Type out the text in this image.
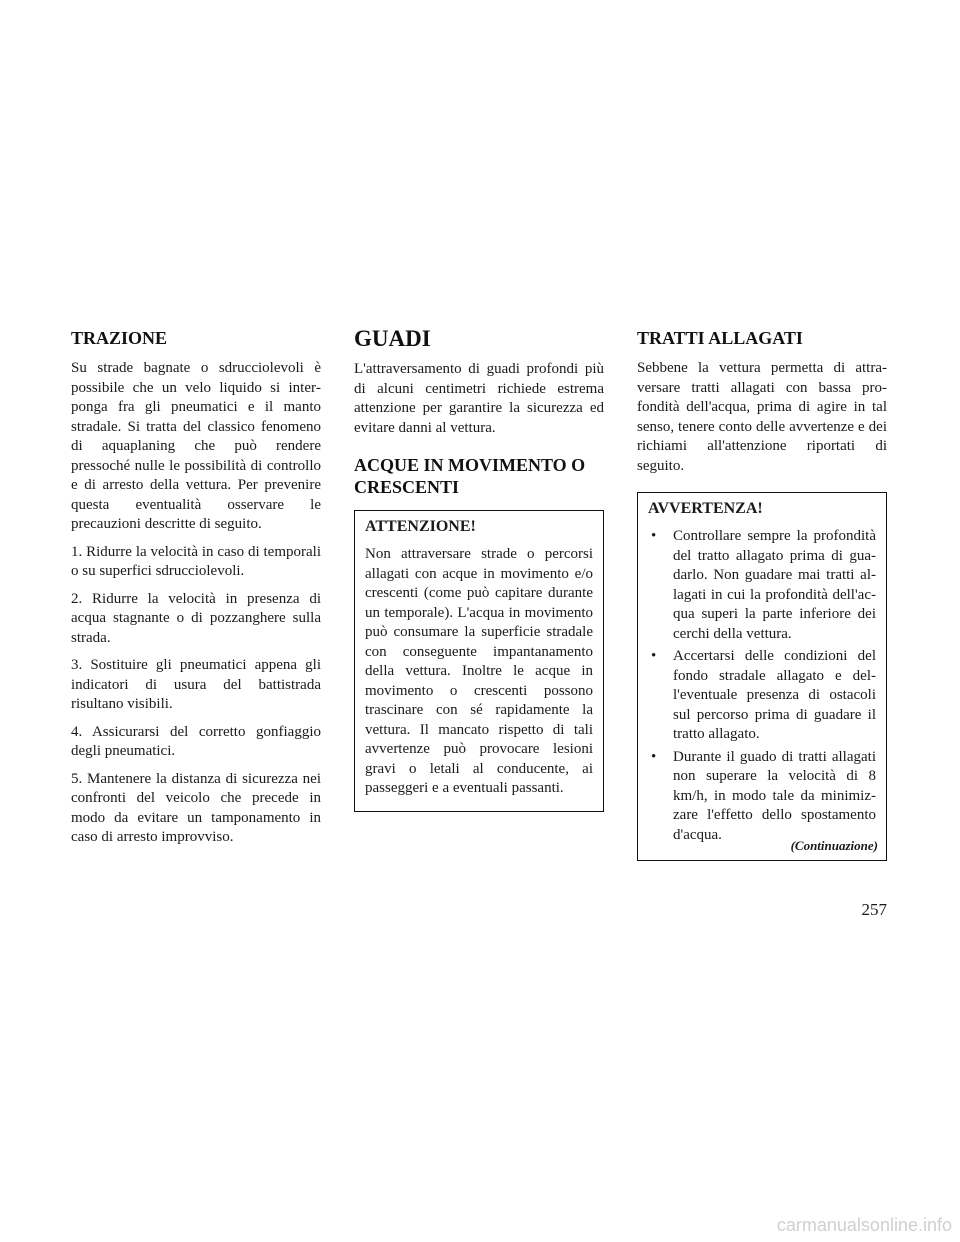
TRAZIONE

Su strade bagnate o sdrucciolevoli è possibile che un velo liquido si interponga fra gli pneumatici e il manto stradale. Si tratta del classico fenomeno di aquaplaning che può rendere pressoché nulle le possibilità di controllo e di arresto della vettura. Per prevenire questa eventualità osservare le precauzioni descritte di seguito.

1. Ridurre la velocità in caso di temporali o su superfici sdrucciolevoli.

2. Ridurre la velocità in presenza di acqua stagnante o di pozzanghere sulla strada.

3. Sostituire gli pneumatici appena gli indicatori di usura del battistrada risultano visibili.

4. Assicurarsi del corretto gonfiaggio degli pneumatici.

5. Mantenere la distanza di sicurezza nei confronti del veicolo che precede in modo da evitare un tamponamento in caso di arresto improvviso.

GUADI

L'attraversamento di guadi profondi più di alcuni centimetri richiede estrema attenzione per garantire la sicurezza ed evitare danni al vettura.

ACQUE IN MOVIMENTO O CRESCENTI
ATTENZIONE!

Non attraversare strade o percorsi allagati con acque in movimento e/o crescenti (come può capitare durante un temporale). L'acqua in movimento può consumare la superficie stradale con conseguente impantanamento della vettura. Inoltre le acque in movimento o crescenti possono trascinare con sé rapidamente la vettura. Il mancato rispetto di tali avvertenze può provocare lesioni gravi o letali al conducente, ai passeggeri e a eventuali passanti.

TRATTI ALLAGATI

Sebbene la vettura permetta di attraversare tratti allagati con bassa profondità dell'acqua, prima di agire in tal senso, tenere conto delle avvertenze e dei richiami all'attenzione riportati di seguito.

AVVERTENZA!
• Controllare sempre la profondità del tratto allagato prima di guadarlo. Non guadare mai tratti allagati in cui la profondità dell'acqua superi la parte inferiore dei cerchi della vettura.
• Accertarsi delle condizioni del fondo stradale allagato e dell'eventuale presenza di ostacoli sul percorso prima di guadare il tratto allagato.
• Durante il guado di tratti allagati non superare la velocità di 8 km/h, in modo tale da minimizzare l'effetto dello spostamento d'acqua.
(Continuazione)
257
carmanualsonline.info
